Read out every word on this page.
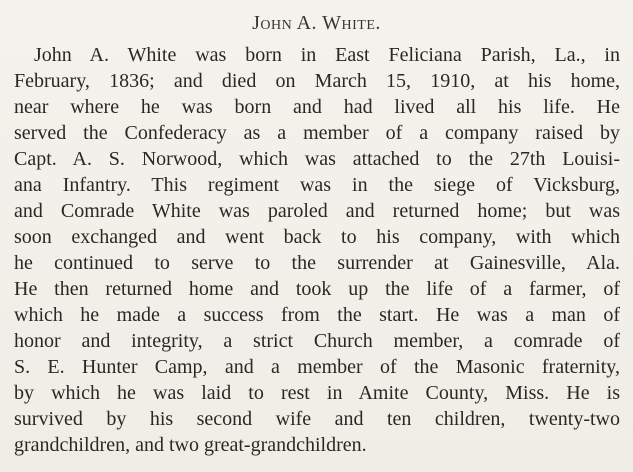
John A. White.
John A. White was born in East Feliciana Parish, La., in
February, 1836; and died on March 15, 1910, at his home,
near where he was born and had lived all his life. He
served the Confederacy as a member of a company raised by
Capt. A. S. Norwood, which was attached to the 27th Louisi-
ana Infantry. This regiment was in the siege of Vicksburg,
and Comrade White was paroled and returned home; but was
soon exchanged and went back to his company, with which
he continued to serve to the surrender at Gainesville, Ala.
He then returned home and took up the life of a farmer, of
which he made a success from the start. He was a man of
honor and integrity, a strict Church member, a comrade of
S. E. Hunter Camp, and a member of the Masonic fraternity,
by which he was laid to rest in Amite County, Miss. He is
survived by his second wife and ten children, twenty-two
grandchildren, and two great-grandchildren.
